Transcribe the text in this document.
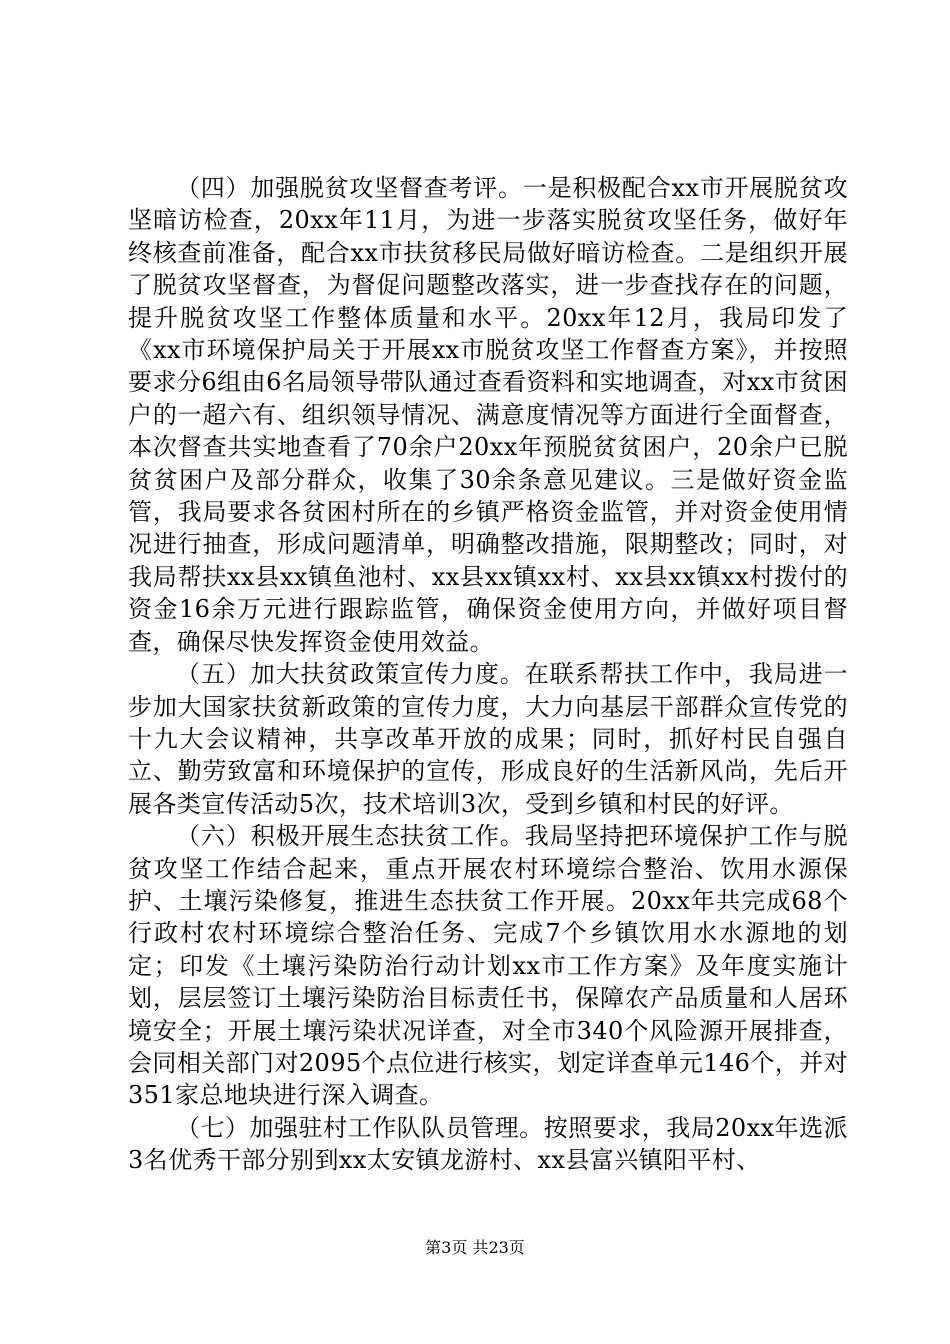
（四）加强脱贫攻坚督查考评。一是积极配合xx市开展脱贫攻坚暗访检查，20xx年11月，为进一步落实脱贫攻坚任务，做好年终核查前准备，配合xx市扶贫移民局做好暗访检查。二是组织开展了脱贫攻坚督查，为督促问题整改落实，进一步查找存在的问题，提升脱贫攻坚工作整体质量和水平。20xx年12月，我局印发了《xx市环境保护局关于开展xx市脱贫攻坚工作督查方案》，并按照要求分6组由6名局领导带队通过查看资料和实地调查，对xx市贫困户的一超六有、组织领导情况、满意度情况等方面进行全面督查，本次督查共实地查看了70余户20xx年预脱贫贫困户，20余户已脱贫贫困户及部分群众，收集了30余条意见建议。三是做好资金监管，我局要求各贫困村所在的乡镇严格资金监管，并对资金使用情况进行抽查，形成问题清单，明确整改措施，限期整改；同时，对我局帮扶xx县xx镇鱼池村、xx县xx镇xx村、xx县xx镇xx村拨付的资金16余万元进行跟踪监管，确保资金使用方向，并做好项目督查，确保尽快发挥资金使用效益。

（五）加大扶贫政策宣传力度。在联系帮扶工作中，我局进一步加大国家扶贫新政策的宣传力度，大力向基层干部群众宣传党的十九大会议精神，共享改革开放的成果；同时，抓好村民自强自立、勤劳致富和环境保护的宣传，形成良好的生活新风尚，先后开展各类宣传活动5次，技术培训3次，受到乡镇和村民的好评。

（六）积极开展生态扶贫工作。我局坚持把环境保护工作与脱贫攻坚工作结合起来，重点开展农村环境综合整治、饮用水源保护、土壤污染修复，推进生态扶贫工作开展。20xx年共完成68个行政村农村环境综合整治任务、完成7个乡镇饮用水水源地的划定；印发《土壤污染防治行动计划xx市工作方案》及年度实施计划，层层签订土壤污染防治目标责任书，保障农产品质量和人居环境安全；开展土壤污染状况详查，对全市340个风险源开展排查，会同相关部门对2095个点位进行核实，划定详查单元146个，并对351家总地块进行深入调查。

（七）加强驻村工作队队员管理。按照要求，我局20xx年选派3名优秀干部分别到xx太安镇龙游村、xx县富兴镇阳平村、

第3页 共23页
